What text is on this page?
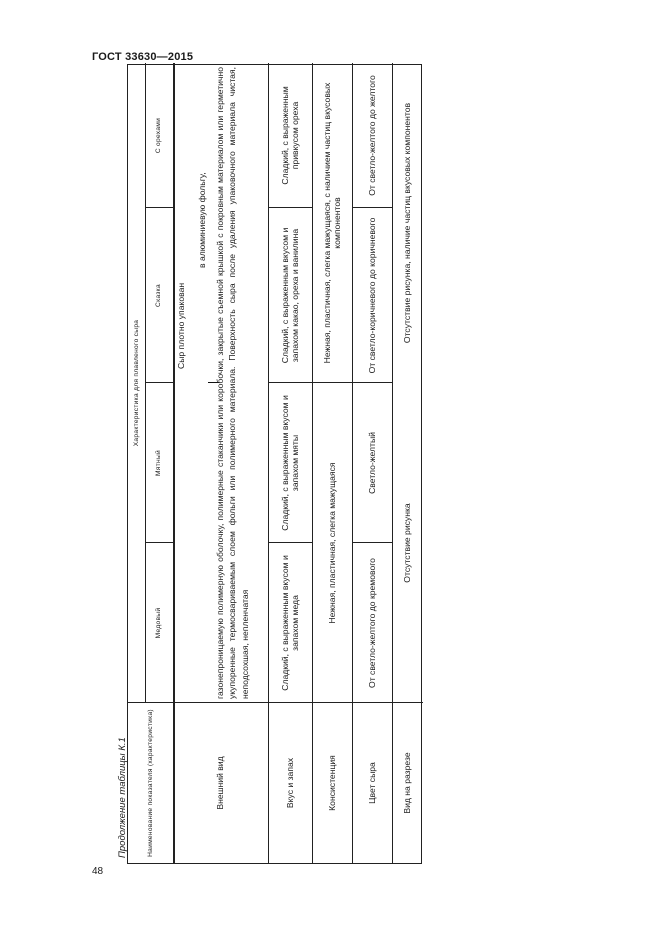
ГОСТ 33630—2015
48
Продолжение таблицы К.1	Наименование показателя (характеристика)
Характеристика для плавленого сыра
Медовый
Мятный
Сказка
С орехами
Внешний вид
Сыр плотно упакован
в алюминиевую фольгу, газонепроницаемую полимерную оболочку, полимерные стаканчики или коробочки, закрытые съемной крышкой с покровным материалом или герметично укупоренные термосвариваемым слоем фольги или полимерного материала. Поверхность сыра после удаления упаковочного материала чистая, неподсохшая, непленчатая
Вкус и запах
Сладкий, с выраженным вкусом и запахом меда
Сладкий, с выраженным вкусом и запахом мяты
Сладкий, с выраженным вкусом и запахом какао, ореха и ванилина
Сладкий, с выраженным привкусом ореха
Консистенция
Нежная, пластичная, слегка мажущаяся
Нежная, пластичная, слегка мажущаяся, с наличием частиц вкусовых компонентов
Цвет сыра
От светло-желтого до кремового
Светло-желтый
От светло-коричневого до коричневого
От светло-желтого до желтого
Вид на разрезе
Отсутствие рисунка
Отсутствие рисунка, наличие частиц вкусовых компонентов
